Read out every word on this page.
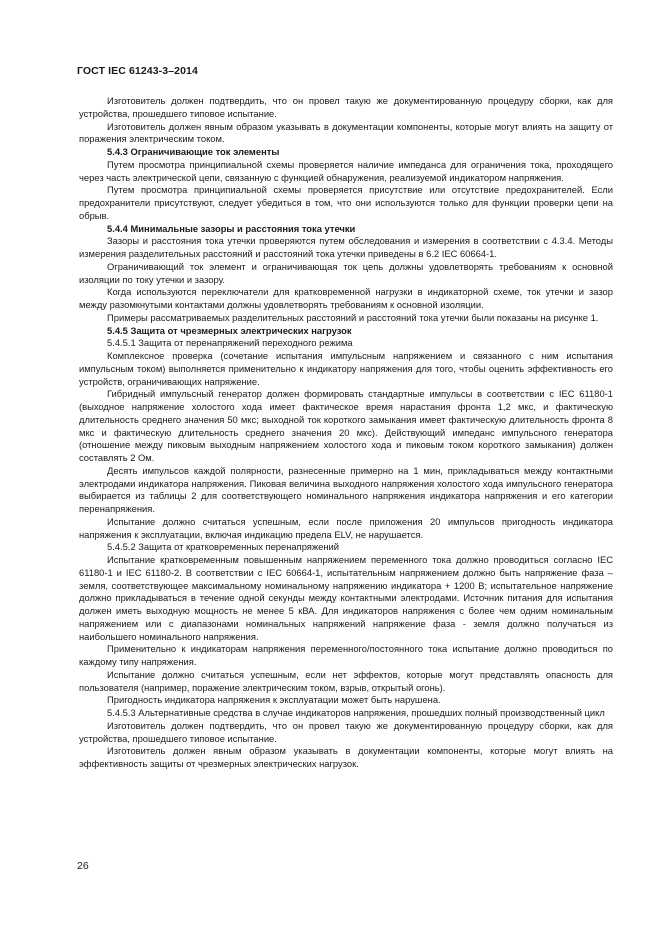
ГОСТ IEC 61243-3–2014

Изготовитель должен подтвердить, что он провел такую же документированную процедуру сборки, как для устройства, прошедшего типовое испытание.

Изготовитель должен явным образом указывать в документации компоненты, которые могут влиять на защиту от поражения электрическим током.

5.4.3 Ограничивающие ток элементы

Путем просмотра принципиальной схемы проверяется наличие импеданса для ограничения тока, проходящего через часть электрической цепи, связанную с функцией обнаружения, реализуемой индикатором напряжения.

Путем просмотра принципиальной схемы проверяется присутствие или отсутствие предохранителей. Если предохранители присутствуют, следует убедиться в том, что они используются только для функции проверки цепи на обрыв.

5.4.4 Минимальные зазоры и расстояния тока утечки

Зазоры и расстояния тока утечки проверяются путем обследования и измерения в соответствии с 4.3.4. Методы измерения разделительных расстояний и расстояний тока утечки приведены в 6.2 IEC 60664-1.

Ограничивающий ток элемент и ограничивающая ток цепь должны удовлетворять требованиям к основной изоляции по току утечки и зазору.

Когда используются переключатели для кратковременной нагрузки в индикаторной схеме, ток утечки и зазор между разомкнутыми контактами должны удовлетворять требованиям к основной изоляции.

Примеры рассматриваемых разделительных расстояний и расстояний тока утечки были показаны на рисунке 1.

5.4.5 Защита от чрезмерных электрических нагрузок

5.4.5.1 Защита от перенапряжений переходного режима

Комплексное проверка (сочетание испытания импульсным напряжением и связанного с ним испытания импульсным током) выполняется применительно к индикатору напряжения для того, чтобы оценить эффективность его устройств, ограничивающих напряжение.

Гибридный импульсный генератор должен формировать стандартные импульсы в соответствии с IEC 61180-1 (выходное напряжение холостого хода имеет фактическое время нарастания фронта 1,2 мкс, и фактическую длительность среднего значения 50 мкс; выходной ток короткого замыкания имеет фактическую длительность фронта 8 мкс и фактическую длительность среднего значения 20 мкс). Действующий импеданс импульсного генератора (отношение между пиковым выходным напряжением холостого хода и пиковым током короткого замыкания) должен составлять 2 Ом.

Десять импульсов каждой полярности, разнесенные примерно на 1 мин, прикладываться между контактными электродами индикатора напряжения. Пиковая величина выходного напряжения холостого хода импульсного генератора выбирается из таблицы 2 для соответствующего номинального напряжения индикатора напряжения и его категории перенапряжения.

Испытание должно считаться успешным, если после приложения 20 импульсов пригодность индикатора напряжения к эксплуатации, включая индикацию предела ELV, не нарушается.

5.4.5.2 Защита от кратковременных перенапряжений

Испытание кратковременным повышенным напряжением переменного тока должно проводиться согласно IEC 61180-1 и IEC 61180-2. В соответствии с IEC 60664-1, испытательным напряжением должно быть напряжение фаза – земля, соответствующее максимальному номинальному напряжению индикатора + 1200 В; испытательное напряжение должно прикладываться в течение одной секунды между контактными электродами. Источник питания для испытания должен иметь выходную мощность не менее 5 кВА. Для индикаторов напряжения с более чем одним номинальным напряжением или с диапазонами номинальных напряжений напряжение фаза - земля должно получаться из наибольшего номинального напряжения.

Применительно к индикаторам напряжения переменного/постоянного тока испытание должно проводиться по каждому типу напряжения.

Испытание должно считаться успешным, если нет эффектов, которые могут представлять опасность для пользователя (например, поражение электрическим током, взрыв, открытый огонь).

Пригодность индикатора напряжения к эксплуатации может быть нарушена.

5.4.5.3 Альтернативные средства в случае индикаторов напряжения, прошедших полный производственный цикл

Изготовитель должен подтвердить, что он провел такую же документированную процедуру сборки, как для устройства, прошедшего типовое испытание.

Изготовитель должен явным образом указывать в документации компоненты, которые могут влиять на эффективность защиты от чрезмерных электрических нагрузок.

26
